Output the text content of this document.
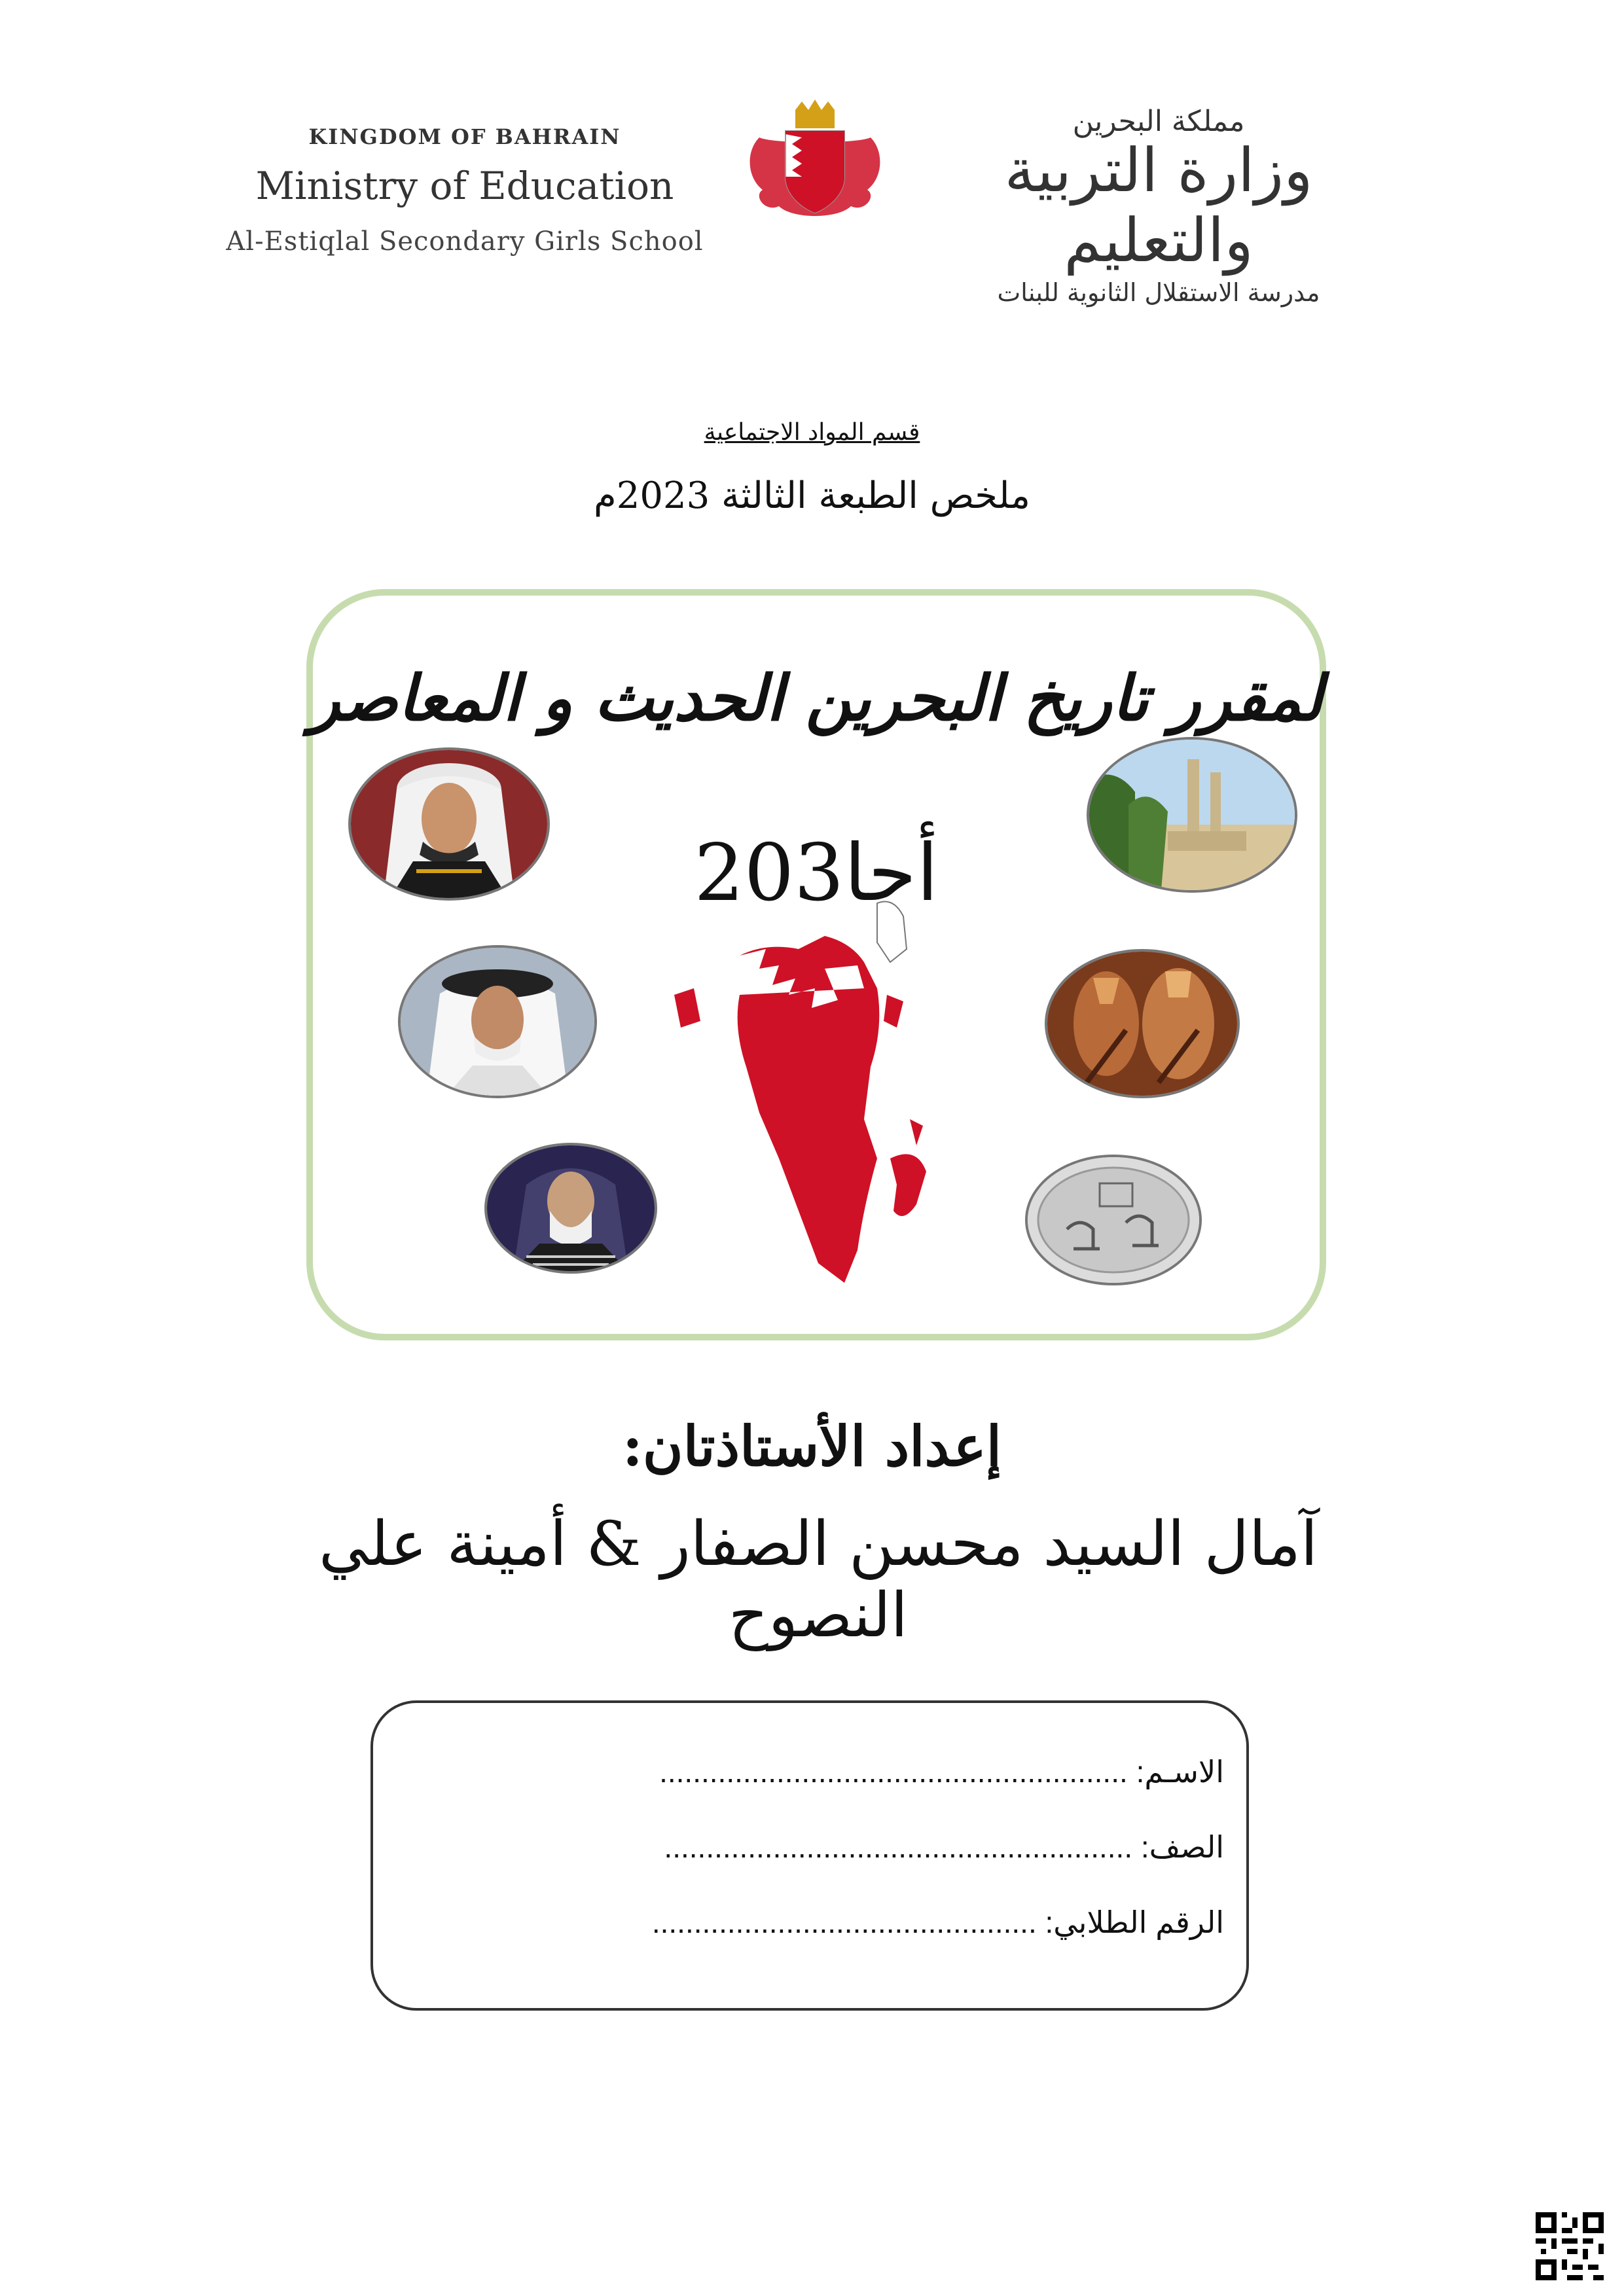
KINGDOM OF BAHRAIN
Ministry of Education
Al-Estiqlal Secondary Girls School
مملكة البحرين
وزارة التربية والتعليم
مدرسة الاستقلال الثانوية للبنات
قسم المواد الاجتماعية
ملخص الطبعة الثالثة 2023م
لمقرر تاريخ البحرين الحديث و المعاصر
أحا203
إعداد الأستاذتان:
آمال السيد محسن الصفار & أمينة علي النصوح
الاسـم: ........................................................
الصف: ........................................................
الرقم الطلابي: ..............................................
